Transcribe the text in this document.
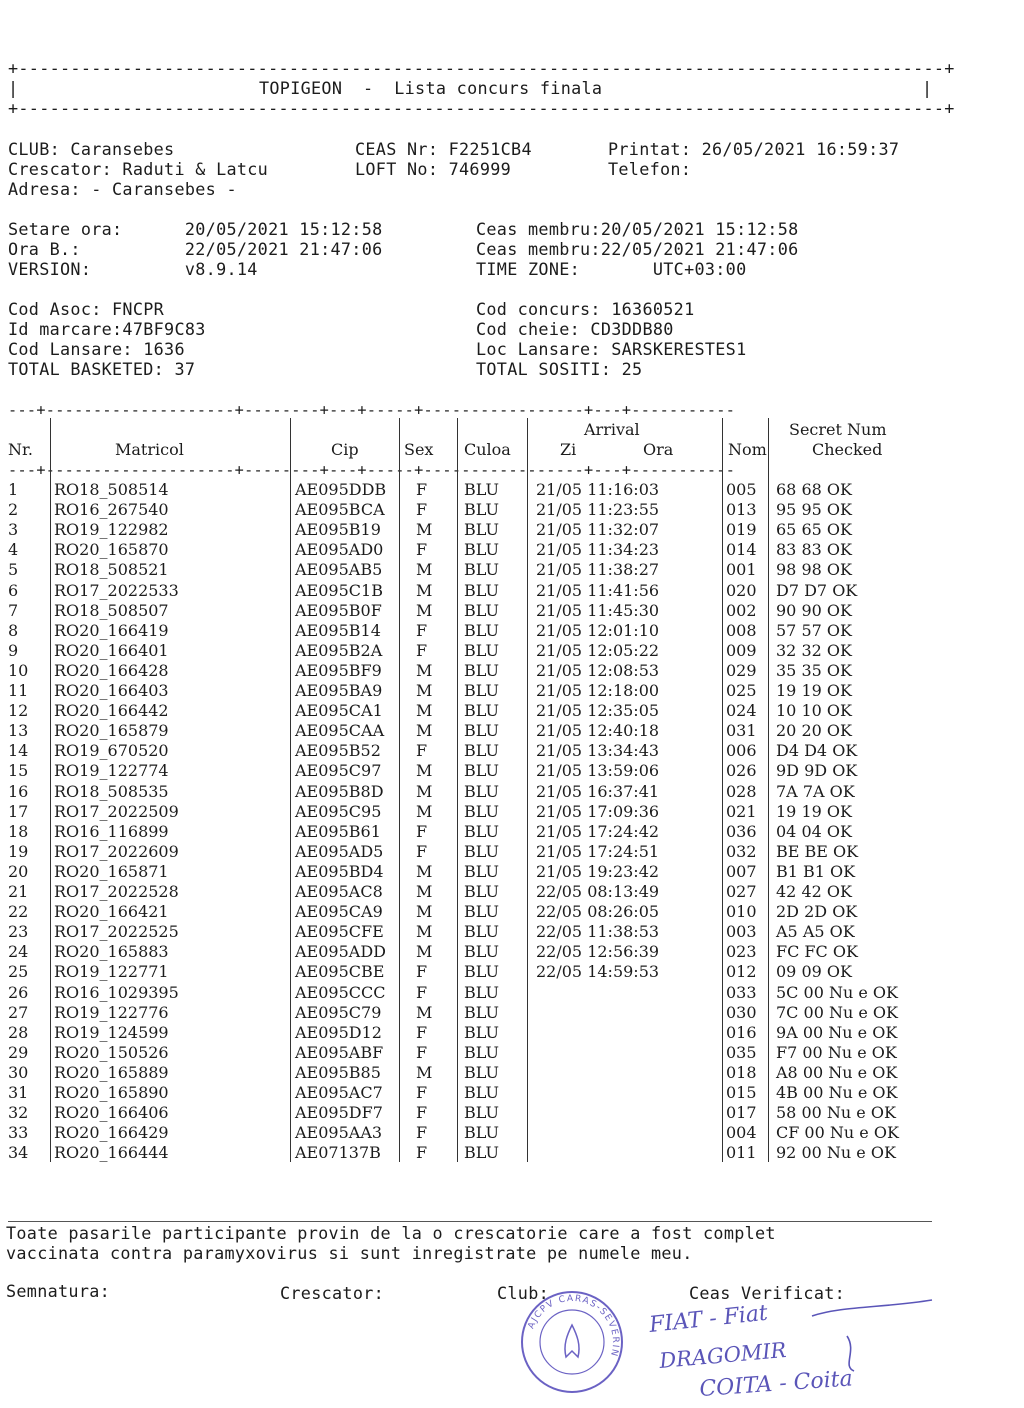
+-----------------------------------------------------------------------------------------+
|	TOPIGEON  -  Lista concurs finala	|
+-----------------------------------------------------------------------------------------+
CLUB: Caransebes
Crescator: Raduti & Latcu
Adresa: - Caransebes -
CEAS Nr: F2251CB4
LOFT No: 746999
Printat: 26/05/2021 16:59:37
Telefon:
Setare ora:      20/05/2021 15:12:58
Ora B.:          22/05/2021 21:47:06
VERSION:         v8.9.14
Ceas membru:20/05/2021 15:12:58
Ceas membru:22/05/2021 21:47:06
TIME ZONE:       UTC+03:00
Cod Asoc: FNCPR
Id marcare:47BF9C83
Cod Lansare: 1636
TOTAL BASKETED: 37
Cod concurs: 16360521
Cod cheie: CD3DDB80
Loc Lansare: SARSKERESTES1
TOTAL SOSITI: 25
---+--------------------+--------+---+-----+-----------------+---+-----------
---+--------------------+--------+---+-----+-----------------+---+-----------
Nr.	Matricol	Cip	Sex Culoa
Arrival
Zi	Ora	Nom
Secret Num
Checked
1 RO18_508514	AE095DDB F BLU 21/05 11:16:03	005 68 68 OK
2 RO16_267540	AE095BCA F BLU 21/05 11:23:55	013 95 95 OK
3 RO19_122982	AE095B19 M BLU 21/05 11:32:07	019 65 65 OK
4 RO20_165870	AE095AD0 F BLU 21/05 11:34:23	014 83 83 OK
5 RO18_508521	AE095AB5 M BLU 21/05 11:38:27	001 98 98 OK
6 RO17_2022533	AE095C1B M BLU 21/05 11:41:56	020 D7 D7 OK
7 RO18_508507	AE095B0F M BLU 21/05 11:45:30	002 90 90 OK
8 RO20_166419	AE095B14 F BLU 21/05 12:01:10	008 57 57 OK
9 RO20_166401	AE095B2A F BLU 21/05 12:05:22	009 32 32 OK
10 RO20_166428	AE095BF9 M BLU 21/05 12:08:53	029 35 35 OK
11 RO20_166403	AE095BA9 M BLU 21/05 12:18:00	025 19 19 OK
12 RO20_166442	AE095CA1 M BLU 21/05 12:35:05	024 10 10 OK
13 RO20_165879	AE095CAA M BLU 21/05 12:40:18	031 20 20 OK
14 RO19_670520	AE095B52 F BLU 21/05 13:34:43	006 D4 D4 OK
15 RO19_122774	AE095C97 M BLU 21/05 13:59:06	026 9D 9D OK
16 RO18_508535	AE095B8D M BLU 21/05 16:37:41	028 7A 7A OK
17 RO17_2022509	AE095C95 M BLU 21/05 17:09:36	021 19 19 OK
18 RO16_116899	AE095B61 F BLU 21/05 17:24:42	036 04 04 OK
19 RO17_2022609	AE095AD5 F BLU 21/05 17:24:51	032 BE BE OK
20 RO20_165871	AE095BD4 M BLU 21/05 19:23:42	007 B1 B1 OK
21 RO17_2022528	AE095AC8 M BLU 22/05 08:13:49	027 42 42 OK
22 RO20_166421	AE095CA9 M BLU 22/05 08:26:05	010 2D 2D OK
23 RO17_2022525	AE095CFE M BLU 22/05 11:38:53	003 A5 A5 OK
24 RO20_165883	AE095ADD M BLU 22/05 12:56:39	023 FC FC OK
25 RO19_122771	AE095CBE F BLU 22/05 14:59:53	012 09 09 OK
26 RO16_1029395	AE095CCC F BLU	033 5C 00 Nu e OK
27 RO19_122776	AE095C79 M BLU	030 7C 00 Nu e OK
28 RO19_124599	AE095D12 F BLU	016 9A 00 Nu e OK
29 RO20_150526	AE095ABF F BLU	035 F7 00 Nu e OK
30 RO20_165889	AE095B85 M BLU	018 A8 00 Nu e OK
31 RO20_165890	AE095AC7 F BLU	015 4B 00 Nu e OK
32 RO20_166406	AE095DF7 F BLU	017 58 00 Nu e OK
33 RO20_166429	AE095AA3 F BLU	004 CF 00 Nu e OK
34 RO20_166444	AE07137B F BLU	011 92 00 Nu e OK
Toate pasarile participante provin de la o crescatorie care a fost complet
vaccinata contra paramyxovirus si sunt inregistrate pe numele meu.
Semnatura:	Crescator:	Club:	Ceas Verificat:
AJCPV CARAS-SEVERIN
FIAT - Fiat
DRAGOMIR
COITA - Coita
